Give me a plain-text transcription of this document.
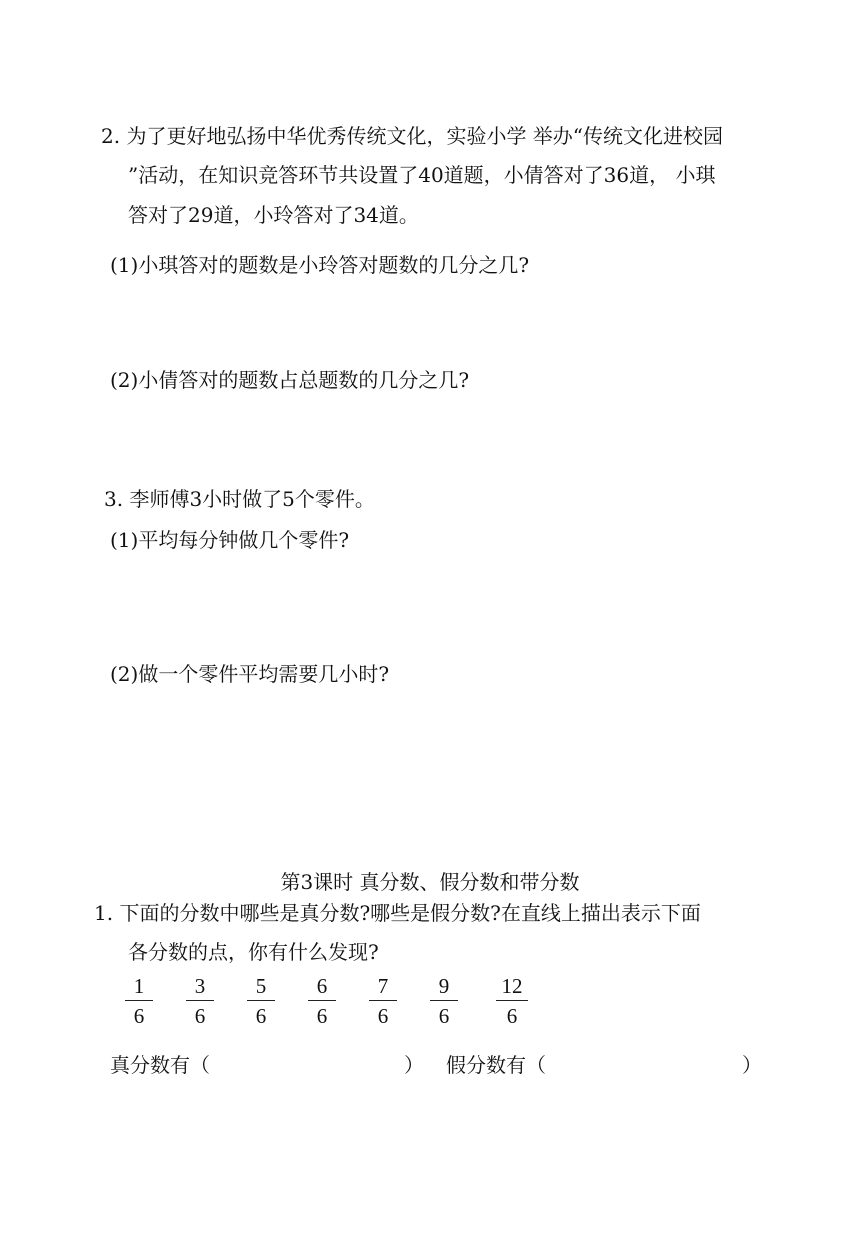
2. 为了更好地弘扬中华优秀传统文化，实验小学 举办“传统文化进校园
”活动，在知识竞答环节共设置了40道题，小倩答对了36道， 小琪
答对了29道，小玲答对了34道。
(1)小琪答对的题数是小玲答对题数的几分之几?
(2)小倩答对的题数占总题数的几分之几?
3. 李师傅3小时做了5个零件。
(1)平均每分钟做几个零件?
(2)做一个零件平均需要几小时?
第3课时 真分数、假分数和带分数
1. 下面的分数中哪些是真分数?哪些是假分数?在直线上描出表示下面
各分数的点，你有什么发现?
1
6
3
6
5
6
6
6
7
6
9
6
12
6
真分数有（	） 假分数有（	）
